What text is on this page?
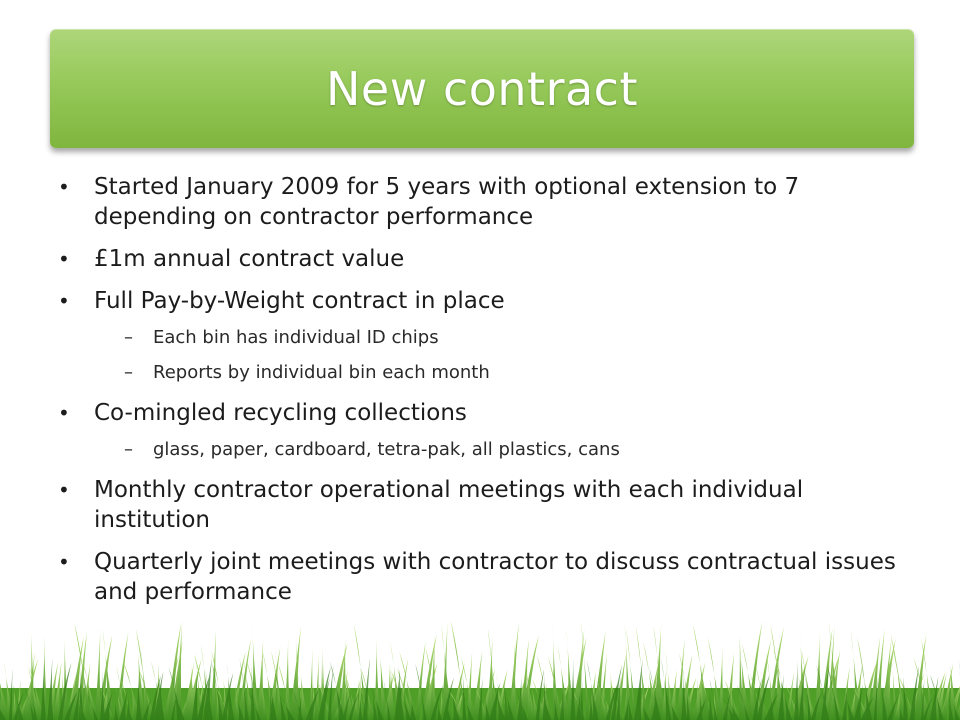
New contract
• Started January 2009 for 5 years with optional extension to 7 depending on contractor performance
• £1m annual contract value
• Full Pay-by-Weight contract in place
– Each bin has individual ID chips
– Reports by individual bin each month
• Co-mingled recycling collections
– glass, paper, cardboard, tetra-pak, all plastics, cans
• Monthly contractor operational meetings with each individual institution
• Quarterly joint meetings with contractor to discuss contractual issues and performance
